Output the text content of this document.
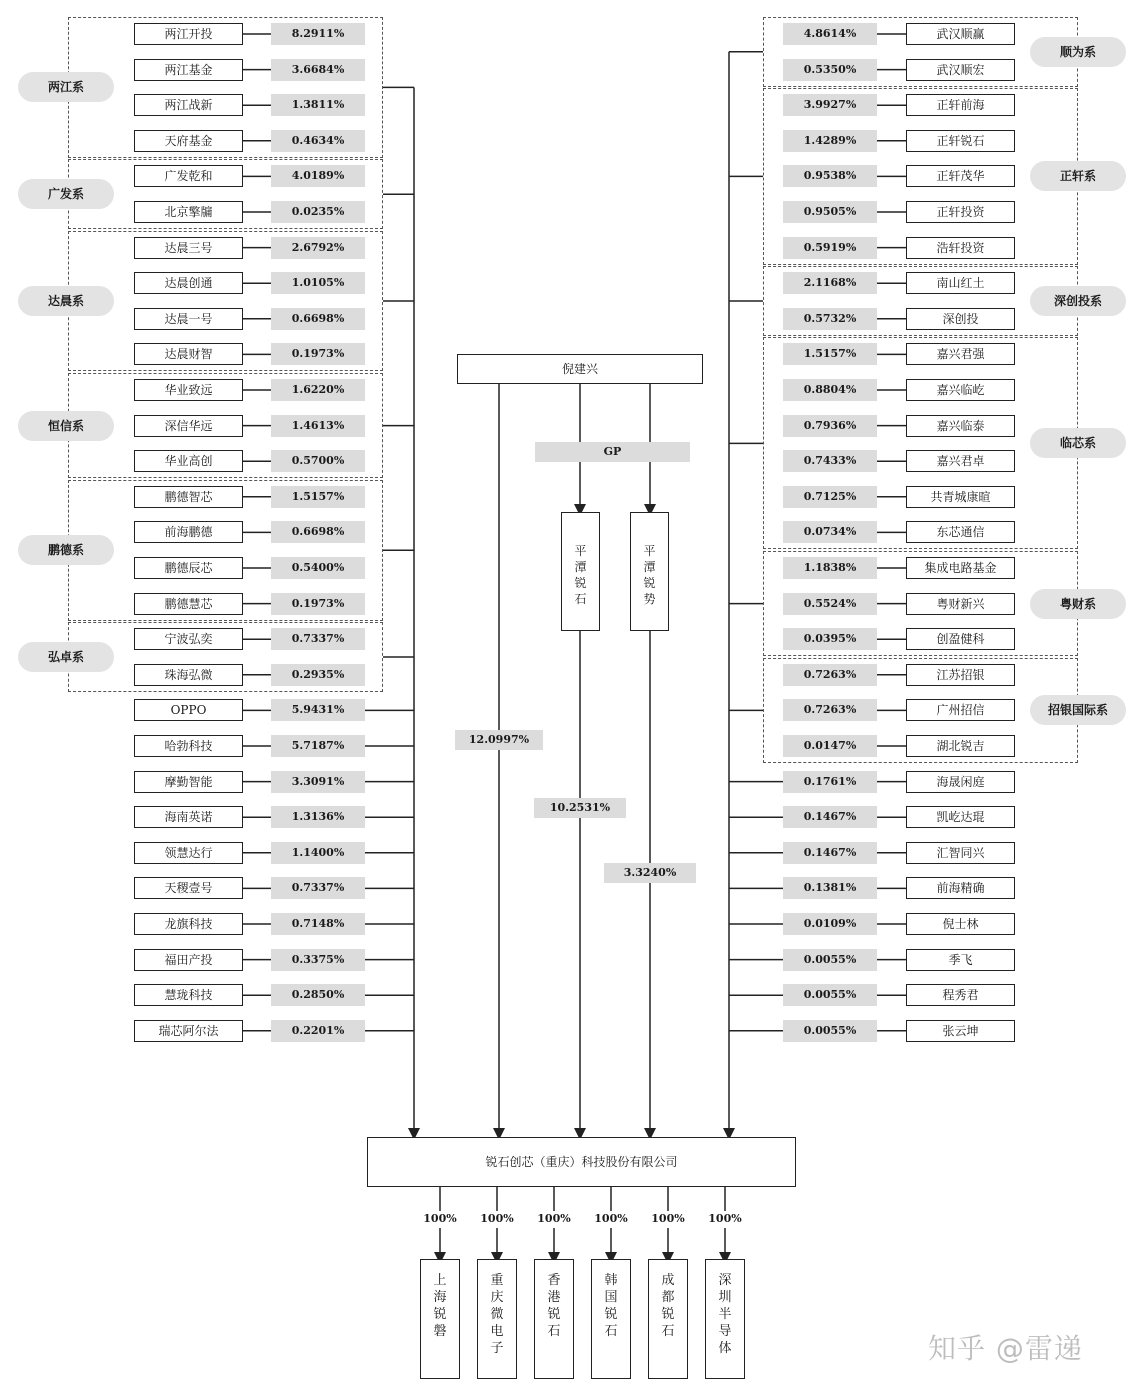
两江开投	8.2911%
两江基金	3.6684%
两江战新	1.3811%
天府基金	0.4634%
两江系
广发乾和	4.0189%
北京擎牖	0.0235%
广发系
达晨三号	2.6792%
达晨创通	1.0105%
达晨一号	0.6698%
达晨财智	0.1973%
达晨系
华业致远	1.6220%
深信华远	1.4613%
华业高创	0.5700%
恒信系
鹏德智芯	1.5157%
前海鹏德	0.6698%
鹏德辰芯	0.5400%
鹏德慧芯	0.1973%
鹏德系
宁波弘奕	0.7337%
珠海弘微	0.2935%
弘卓系
OPPO	5.9431%
哈勃科技	5.7187%
摩勤智能	3.3091%
海南英诺	1.3136%
领慧达行	1.1400%
天稷壹号	0.7337%
龙旗科技	0.7148%
福田产投	0.3375%
慧珑科技	0.2850%
瑞芯阿尔法	0.2201%
4.8614%	武汉顺赢
0.5350%	武汉顺宏
顺为系
3.9927%	正轩前海
1.4289%	正轩锐石
0.9538%	正轩茂华
0.9505%	正轩投资
0.5919%	浩轩投资
正轩系
2.1168%	南山红土
0.5732%	深创投
深创投系
1.5157%	嘉兴君强
0.8804%	嘉兴临屹
0.7936%	嘉兴临泰
0.7433%	嘉兴君卓
0.7125%	共青城康暄
0.0734%	东芯通信
临芯系
1.1838%	集成电路基金
0.5524%	粤财新兴
0.0395%	创盈健科
粤财系
0.7263%	江苏招银
0.7263%	广州招信
0.0147%	湖北锐吉
招银国际系
0.1761%	海晟闲庭
0.1467%	凯屹达琨
0.1467%	汇智同兴
0.1381%	前海精确
0.0109%	倪士林
0.0055%	季飞
0.0055%	程秀君
0.0055%	张云坤
倪建兴
GP
平
潭
锐
石
平
潭
锐
势
12.0997%
10.2531%
3.3240%
锐石创芯（重庆）科技股份有限公司
100%
上
海
锐
磐
100%
重
庆
微
电
子
100%
香
港
锐
石
100%
韩
国
锐
石
100%
成
都
锐
石
100%
深
圳
半
导
体	知乎 @雷递
